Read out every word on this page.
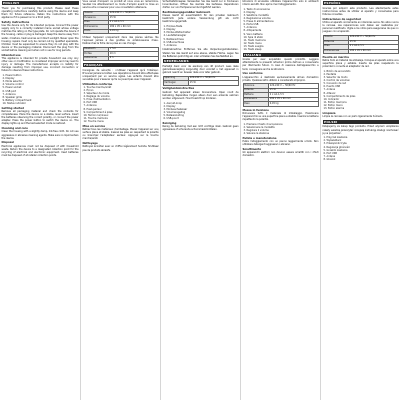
ENGLISH
Thank you for purchasing this product. Please read these operating instructions carefully before using the device and keep them for future reference. Retain the instructions with the appliance if it is passed on to a third party.
Safety instructions
Use the device only for its intended purpose. Connect the power supply only to a correctly installed mains socket whose voltage matches the rating on the type plate. Do not operate the device if the housing, cable or plug is damaged. Keep the device away from water, moisture, heat sources and direct sunlight. Never open the housing; repairs must only be carried out by qualified specialists. Children must be supervised to ensure they do not play with the device or the packaging material. Disconnect the plug from the socket before cleaning and when not in use for long periods.
Intended use
This appliance is intended for private household use only. Any other use or modification is considered improper and may lead to injury or damage. The manufacturer accepts no liability for damage resulting from improper use, incorrect connection or failure to observe these instructions.
1. Power button
2. Display
3. Mode selector
4. Volume control
5. Power socket
6. USB port
7. Antenna
8. Speaker grille
9. Battery compartment
10. Status indicator
Getting started
Remove all packaging material and check the contents for completeness. Place the device on a stable, level surface. Insert the batteries observing the correct polarity, or connect the power adapter. Press the power button to switch the device on. The display lights up and the last selected mode is restored.
Cleaning and care
Clean the housing with a slightly damp, lint-free cloth. Do not use aggressive or abrasive cleaning agents. Make sure no liquid enters the device.
Disposal
Electrical appliances must not be disposed of with household waste. Return the device to a designated collection point for the recycling of electrical and electronic equipment. Used batteries must be disposed of at retailer collection points.
Vous venez d'acquérir ce produit et nous vous en remercions. Veuillez lire attentivement ce mode d'emploi avant la mise en service et le conserver pour une consultation ultérieure.
Tension	220-240 V ~ 50/60 Hz
Puissance	15 W
Piles	2 x AA 1,5 V
Dimensions	180 x 95 x 60 mm
Poids	0,45 kg
Utilisez l'appareil uniquement dans des pièces sèches. Ne l'exposez jamais à des gouttes ou éclaboussures d'eau. Débranchez la fiche de la prise en cas d'orage.
Bluetooth	V 5.0
Portée	10 m
Autonomie	8 h
FRANÇAIS
Consignes de sécurité : n'utilisez l'appareil qu'à l'intérieur. N'ouvrez jamais le boîtier. Les réparations doivent être effectuées uniquement par un service agréé. Les enfants doivent être surveillés pour s'assurer qu'ils ne jouent pas avec l'appareil.
Utilisation conforme
1. Touche marche/arrêt
2. Écran
3. Sélecteur de mode
4. Réglage du volume
5. Prise d'alimentation
6. Port USB
7. Antenne
8. Haut-parleur
9. Compartiment à piles
10. Témoin lumineux
11. Touche mémoire
12. Touche menu
Mise en service
Retirez tous les matériaux d'emballage. Placez l'appareil sur une surface plane et stable. Insérez les piles en respectant la polarité ou branchez l'adaptateur secteur. Appuyez sur la touche marche/arrêt.
Nettoyage
Nettoyez le boîtier avec un chiffon légèrement humide. N'utilisez pas de produits abrasifs.
Sicherheitshinweise: Verwenden Sie das Gerät nur in trockenen Innenräumen. Öffnen Sie niemals das Gehäuse. Reparaturen dürfen nur von Fachpersonal durchgeführt werden.
Bestimmungsgemäßer Gebrauch
Dieses Gerät ist ausschließlich für den privaten Gebrauch bestimmt. Jede andere Verwendung gilt als nicht bestimmungsgemäß.
1. Ein/Aus-Taste
2. Display
3. Modus-Wahlschalter
4. Lautstärkeregler
5. Netzanschluss
6. USB-Anschluss
7. Antenne
Inbetriebnahme: Entfernen Sie alle Verpackungsmaterialien. Stellen Sie das Gerät auf eine ebene, stabile Fläche. Legen Sie die Batterien polrichtig ein oder schließen Sie das Netzteil an.
NEDERLANDS
Hartelijk dank voor de aankoop van dit product. Lees deze gebruiksaanwijzing zorgvuldig door voordat u het apparaat in gebruik neemt en bewaar deze voor later gebruik.
Spanning	220-240 V ~ 50/60 Hz
Vermogen	15 W
Veiligheidsinstructies
Gebruik het apparaat alleen binnenshuis. Open nooit de behuizing. Reparaties mogen alleen door een erkende vakman worden uitgevoerd. Houd toezicht op kinderen.
1. Aan/uit-knop
2. Display
3. Modusschakelaar
4. Volumeregeling
5. Netaansluiting
6. USB-poort
Reiniging
Reinig de behuizing met een licht vochtige doek. Gebruik geen agressieve of schurende schoonmaakmiddelen.
Istruzioni di sicurezza: utilizzare l'apparecchio solo in ambienti interni asciutti. Non aprire mai l'alloggiamento.
1. Tasto di accensione
2. Display
3. Selettore modalità
4. Regolazione volume
5. Presa di alimentazione
6. Porta USB
7. Antenna
8. Altoparlante
9. Vano batterie
10. Spia di stato
11. Tasto memoria
12. Tasto menu
13. Tasto sveglia
14. Tasto sleep
ITALIANO
Grazie per aver acquistato questo prodotto. Leggere attentamente le presenti istruzioni prima dell'uso e conservarle per riferimento futuro. In caso di cessione dell'apparecchio a terzi, consegnare anche le istruzioni.
Uso conforme
L'apparecchio è destinato esclusivamente all'uso domestico privato. Qualsiasi altro utilizzo è considerato improprio.
Tensione	220-240 V ~ 50/60 Hz
Potenza	15 W
Batterie	2 x AA 1,5 V
Dimensioni	180 x 95 x 60 mm
Peso	0,45 kg
Messa in funzione
Rimuovere tutto il materiale di imballaggio. Posizionare l'apparecchio su una superficie piana e stabile. Inserire le batterie rispettando la polarità.
1. Premere il tasto di accensione
2. Selezionare la modalità
3. Regolare il volume
4. Salvare la stazione
Pulizia e manutenzione
Pulire l'alloggiamento con un panno leggermente umido. Non utilizzare detergenti aggressivi o abrasivi.
Smaltimento
Gli apparecchi elettrici non devono essere smaltiti con i rifiuti domestici.
ESPAÑOL
Gracias por adquirir este producto. Lea atentamente estas instrucciones antes de utilizar el aparato y consérvelas para futuras consultas.
Indicaciones de seguridad
Utilice el aparato únicamente en interiores secos. No abra nunca la carcasa. Las reparaciones solo deben ser realizadas por personal cualificado. Vigile a los niños para asegurarse de que no jueguen con el aparato.
Tensión	220-240 V ~ 50/60 Hz
Potencia	15 W
Pilas	2 x AA 1,5 V
Dimensiones	180 x 95 x 60 mm
Puesta en marcha
Retire todo el material de embalaje. Coloque el aparato sobre una superficie plana y estable. Inserte las pilas respetando la polaridad o conecte el adaptador de red.
1. Botón de encendido
2. Pantalla
3. Selector de modo
4. Control de volumen
5. Conexión de red
6. Puerto USB
7. Antena
8. Altavoz
9. Compartimento de pilas
10. Indicador
11. Botón memoria
12. Botón menú
13. Botón alarma
Limpieza
Limpie la carcasa con un paño ligeramente húmedo.
POLSKI
Dziękujemy za zakup tego produktu. Przed użyciem urządzenia należy uważnie przeczytać niniejszą instrukcję obsługi i zachować ją na przyszłość.
1. Przycisk zasilania
2. Wyświetlacz
3. Przełącznik trybu
4. Regulacja głośności
5. Gniazdo zasilania
6. Port USB
7. Antena
8. Głośnik
